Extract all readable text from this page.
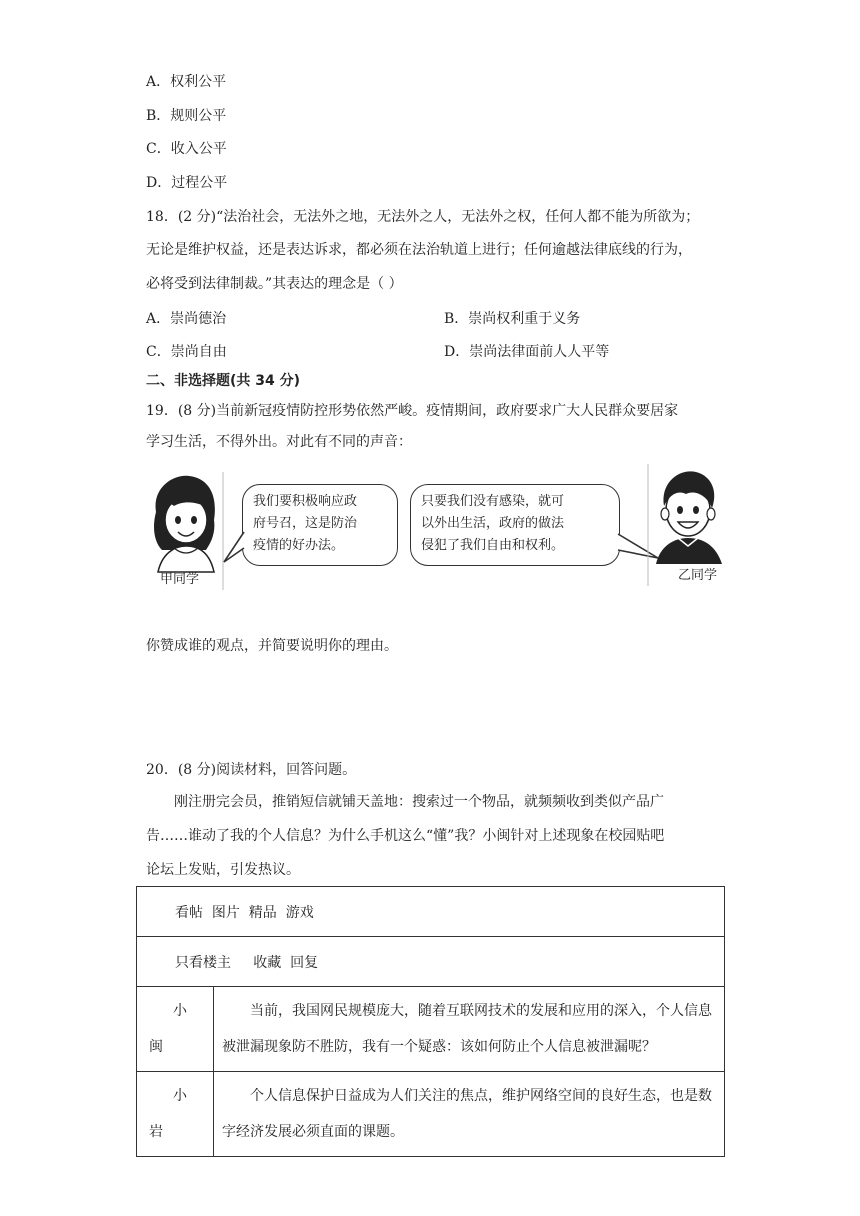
A．权利公平
B．规则公平
C．收入公平
D．过程公平
18．(2 分)“法治社会，无法外之地，无法外之人，无法外之权，任何人都不能为所欲为；
无论是维护权益，还是表达诉求，都必须在法治轨道上进行；任何逾越法律底线的行为，
必将受到法律制裁。”其表达的理念是（ ）
A．崇尚德治	B．崇尚权利重于义务
C．崇尚自由	D．崇尚法律面前人人平等
二、非选择题(共 34 分)
19．(8 分)当前新冠疫情防控形势依然严峻。疫情期间，政府要求广大人民群众要居家
学习生活，不得外出。对此有不同的声音：
甲同学
我们要积极响应政
府号召，这是防治
疫情的好办法。
只要我们没有感染，就可
以外出生活，政府的做法
侵犯了我们自由和权利。
乙同学
你赞成谁的观点，并简要说明你的理由。
20．(8 分)阅读材料，回答问题。
刚注册完会员，推销短信就铺天盖地：搜索过一个物品，就频频收到类似产品广
告……谁动了我的个人信息？为什么手机这么“懂”我？小闽针对上述现象在校园贴吧
论坛上发贴，引发热议。
看帖  图片  精品  游戏	
只看楼主     收藏  回复	

小
闽	当前，我国网民规模庞大，随着互联网技术的发展和应用的深入，个人信息被泄漏现象防不胜防，我有一个疑惑：该如何防止个人信息被泄漏呢？

小
岩	个人信息保护日益成为人们关注的焦点，维护网络空间的良好生态，也是数字经济发展必须直面的课题。
